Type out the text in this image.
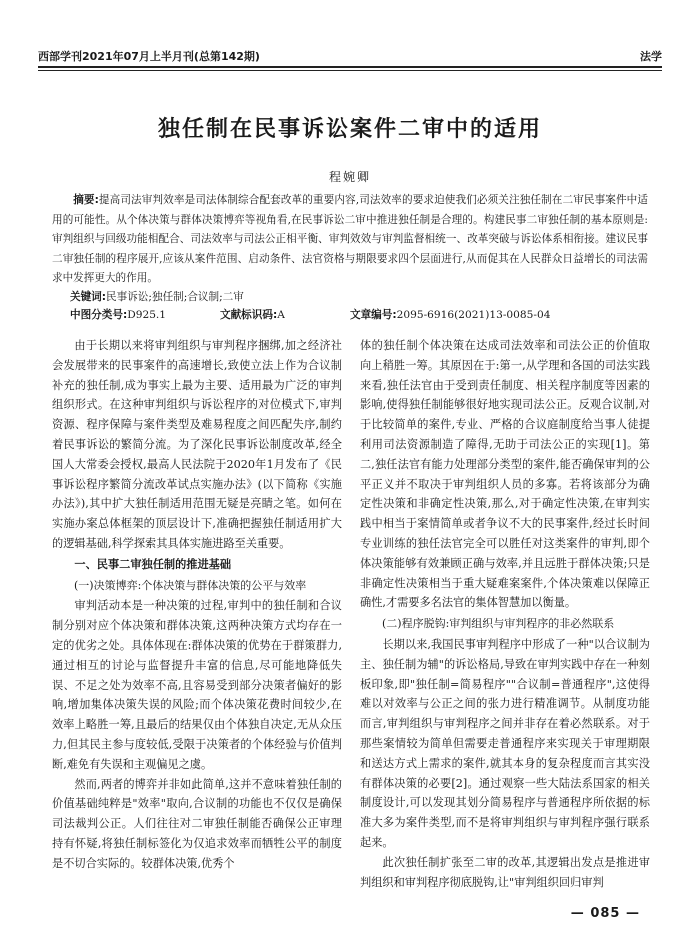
西部学刊2021年07月上半月刊(总第142期)	法学
独任制在民事诉讼案件二审中的适用
程婉卿
摘要:提高司法审判效率是司法体制综合配套改革的重要内容,司法效率的要求迫使我们必须关注独任制在二审民事案件中适用的可能性。从个体决策与群体决策博弈等视角看,在民事诉讼二审中推进独任制是合理的。构建民事二审独任制的基本原则是:审判组织与回级功能相配合、司法效率与司法公正相平衡、审判效效与审判监督相统一、改革突破与诉讼体系相衔接。建议民事二审独任制的程序展开,应该从案件范围、启动条件、法官资格与期限要求四个层面进行,从而促其在人民群众日益增长的司法需求中发挥更大的作用。
关键词:民事诉讼;独任制;合议制;二审
中图分类号:D925.1	文献标识码:A	文章编号:2095-6916(2021)13-0085-04

由于长期以来将审判组织与审判程序捆绑,加之经济社会发展带来的民事案件的高速增长,致使立法上作为合议制补充的独任制,成为事实上最为主要、适用最为广泛的审判组织形式。在这种审判组织与诉讼程序的对位模式下,审判资源、程序保障与案件类型及难易程度之间匹配失序,制约着民事诉讼的繁简分流。为了深化民事诉讼制度改革,经全国人大常委会授权,最高人民法院于2020年1月发布了《民事诉讼程序繁简分流改革试点实施办法》(以下简称《实施办法》),其中扩大独任制适用范围无疑是亮睛之笔。如何在实施办案总体框架的顶层设计下,准确把握独任制适用扩大的逻辑基础,科学探索其具体实施进路至关重要。

一、民事二审独任制的推进基础
(一)决策博弈:个体决策与群体决策的公平与效率

审判活动本是一种决策的过程,审判中的独任制和合议制分别对应个体决策和群体决策,这两种决策方式均存在一定的优劣之处。具体体现在:群体决策的优势在于群策群力,通过相互的讨论与监督提升丰富的信息,尽可能地降低失误、不足之处为效率不高,且容易受到部分决策者偏好的影响,增加集体决策失误的风险;而个体决策花费时间较少,在效率上略胜一筹,且最后的结果仅由个体独自决定,无从众压力,但其民主参与度较低,受限于决策者的个体经验与价值判断,难免有失误和主观偏见之虞。

然而,两者的博弈并非如此简单,这并不意味着独任制的价值基础纯粹是"效率"取向,合议制的功能也不仅仅是确保司法裁判公正。人们往往对二审独任制能否确保公正审理持有怀疑,将独任制标签化为仅追求效率而牺牲公平的制度是不切合实际的。较群体决策,优秀个

体的独任制个体决策在达成司法效率和司法公正的价值取向上稍胜一筹。其原因在于:第一,从学理和各国的司法实践来看,独任法官由于受到责任制度、相关程序制度等因素的影响,使得独任制能够很好地实现司法公正。反观合议制,对于比较简单的案件,专业、严格的合议庭制度给当事人徒提利用司法资源制造了障得,无助于司法公正的实现[1]。第二,独任法官有能力处理部分类型的案件,能否确保审判的公平正义并不取决于审判组织人员的多寡。若将该部分为确定性决策和非确定性决策,那么,对于确定性决策,在审判实践中相当于案情简单或者争议不大的民事案件,经过长时间专业训练的独任法官完全可以胜任对这类案件的审判,即个体决策能够有效兼顾正确与效率,并且远胜于群体决策;只是非确定性决策相当于重大疑难案案件,个体决策难以保障正确性,才需要多名法官的集体智慧加以衡量。

(二)程序脱钩:审判组织与审判程序的非必然联系

长期以来,我国民事审判程序中形成了一种"以合议制为主、独任制为辅"的诉讼格局,导致在审判实践中存在一种刻板印象,即"独任制=简易程序""合议制=普通程序",这使得难以对效率与公正之间的张力进行精准调节。从制度功能而言,审判组织与审判程序之间并非存在着必然联系。对于那些案情较为简单但需要走普通程序来实现关于审理期限和送达方式上需求的案件,就其本身的复杂程度而言其实没有群体决策的必要[2]。通过观察一些大陆法系国家的相关制度设计,可以发现其划分简易程序与普通程序所依据的标准大多为案件类型,而不是将审判组织与审判程序强行联系起来。

此次独任制扩张至二审的改革,其逻辑出发点是推进审判组织和审判程序彻底脱钩,让"审判组织回归审判

— 085 —
